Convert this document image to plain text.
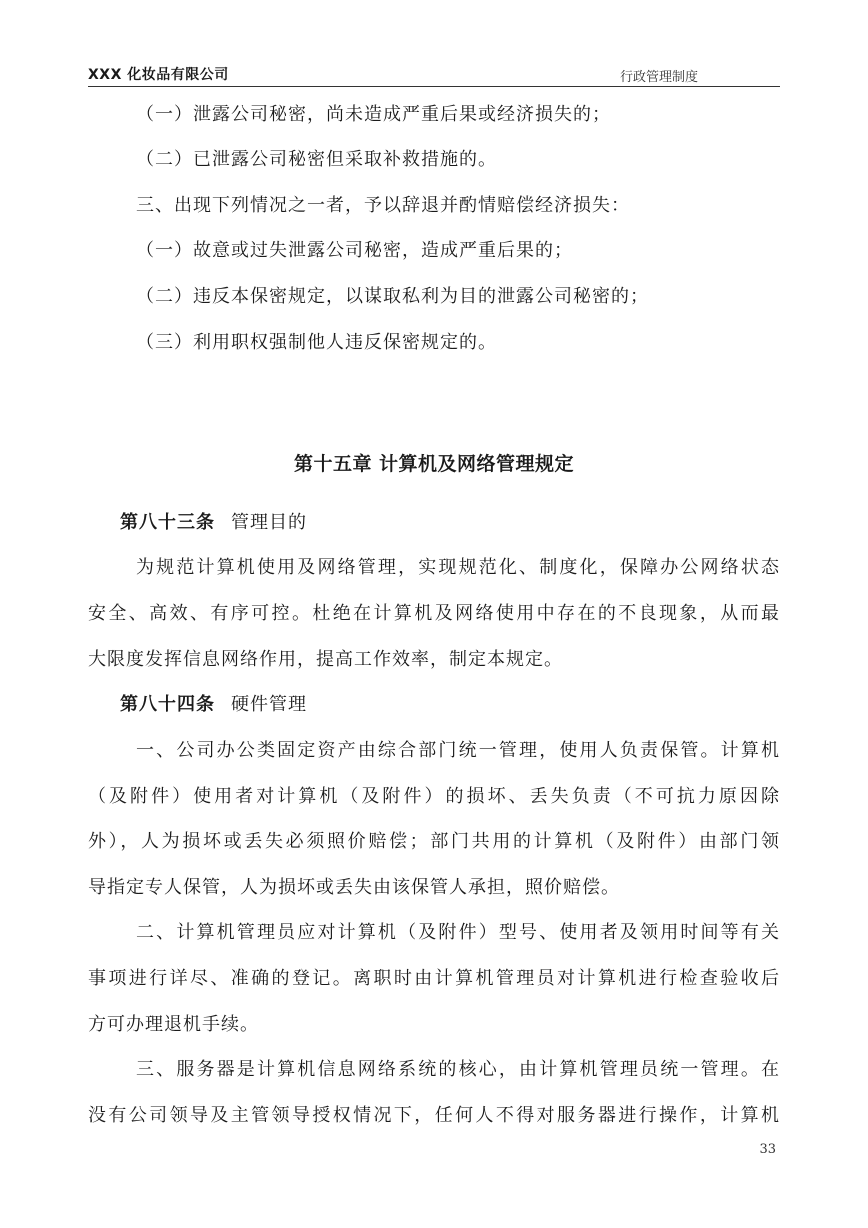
XXX 化妆品有限公司	行政管理制度
（一）泄露公司秘密，尚未造成严重后果或经济损失的；
（二）已泄露公司秘密但采取补救措施的。
三、出现下列情况之一者，予以辞退并酌情赔偿经济损失：
（一）故意或过失泄露公司秘密，造成严重后果的；
（二）违反本保密规定，以谋取私利为目的泄露公司秘密的；
（三）利用职权强制他人违反保密规定的。
第十五章 计算机及网络管理规定
第八十三条 管理目的
为规范计算机使用及网络管理，实现规范化、制度化，保障办公网络状态
安全、高效、有序可控。杜绝在计算机及网络使用中存在的不良现象，从而最
大限度发挥信息网络作用，提高工作效率，制定本规定。
第八十四条 硬件管理
一、公司办公类固定资产由综合部门统一管理，使用人负责保管。计算机
（及附件）使用者对计算机（及附件）的损坏、丢失负责（不可抗力原因除
外），人为损坏或丢失必须照价赔偿；部门共用的计算机（及附件）由部门领
导指定专人保管，人为损坏或丢失由该保管人承担，照价赔偿。
二、计算机管理员应对计算机（及附件）型号、使用者及领用时间等有关
事项进行详尽、准确的登记。离职时由计算机管理员对计算机进行检查验收后
方可办理退机手续。
三、服务器是计算机信息网络系统的核心，由计算机管理员统一管理。在
没有公司领导及主管领导授权情况下，任何人不得对服务器进行操作，计算机
33
